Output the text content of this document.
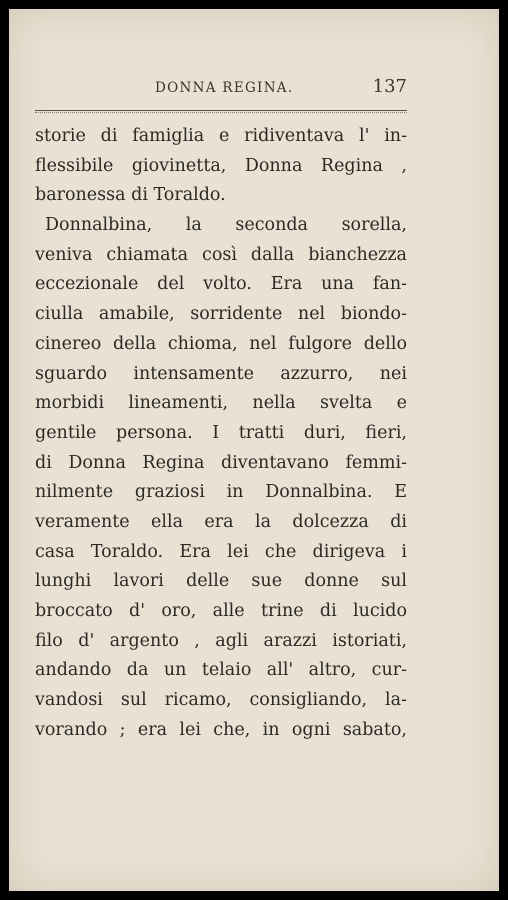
DONNA REGINA.	137
storie di famiglia e ridiventava l' in-
flessibile giovinetta, Donna Regina ,
baronessa di Toraldo.
Donnalbina, la seconda sorella,
veniva chiamata così dalla bianchezza
eccezionale del volto. Era una fan-
ciulla amabile, sorridente nel biondo-
cinereo della chioma, nel fulgore dello
sguardo intensamente azzurro, nei
morbidi lineamenti, nella svelta e
gentile persona. I tratti duri, fieri,
di Donna Regina diventavano femmi-
nilmente graziosi in Donnalbina. E
veramente ella era la dolcezza di
casa Toraldo. Era lei che dirigeva i
lunghi lavori delle sue donne sul
broccato d' oro, alle trine di lucido
filo d' argento , agli arazzi istoriati,
andando da un telaio all' altro, cur-
vandosi sul ricamo, consigliando, la-
vorando ; era lei che, in ogni sabato,
